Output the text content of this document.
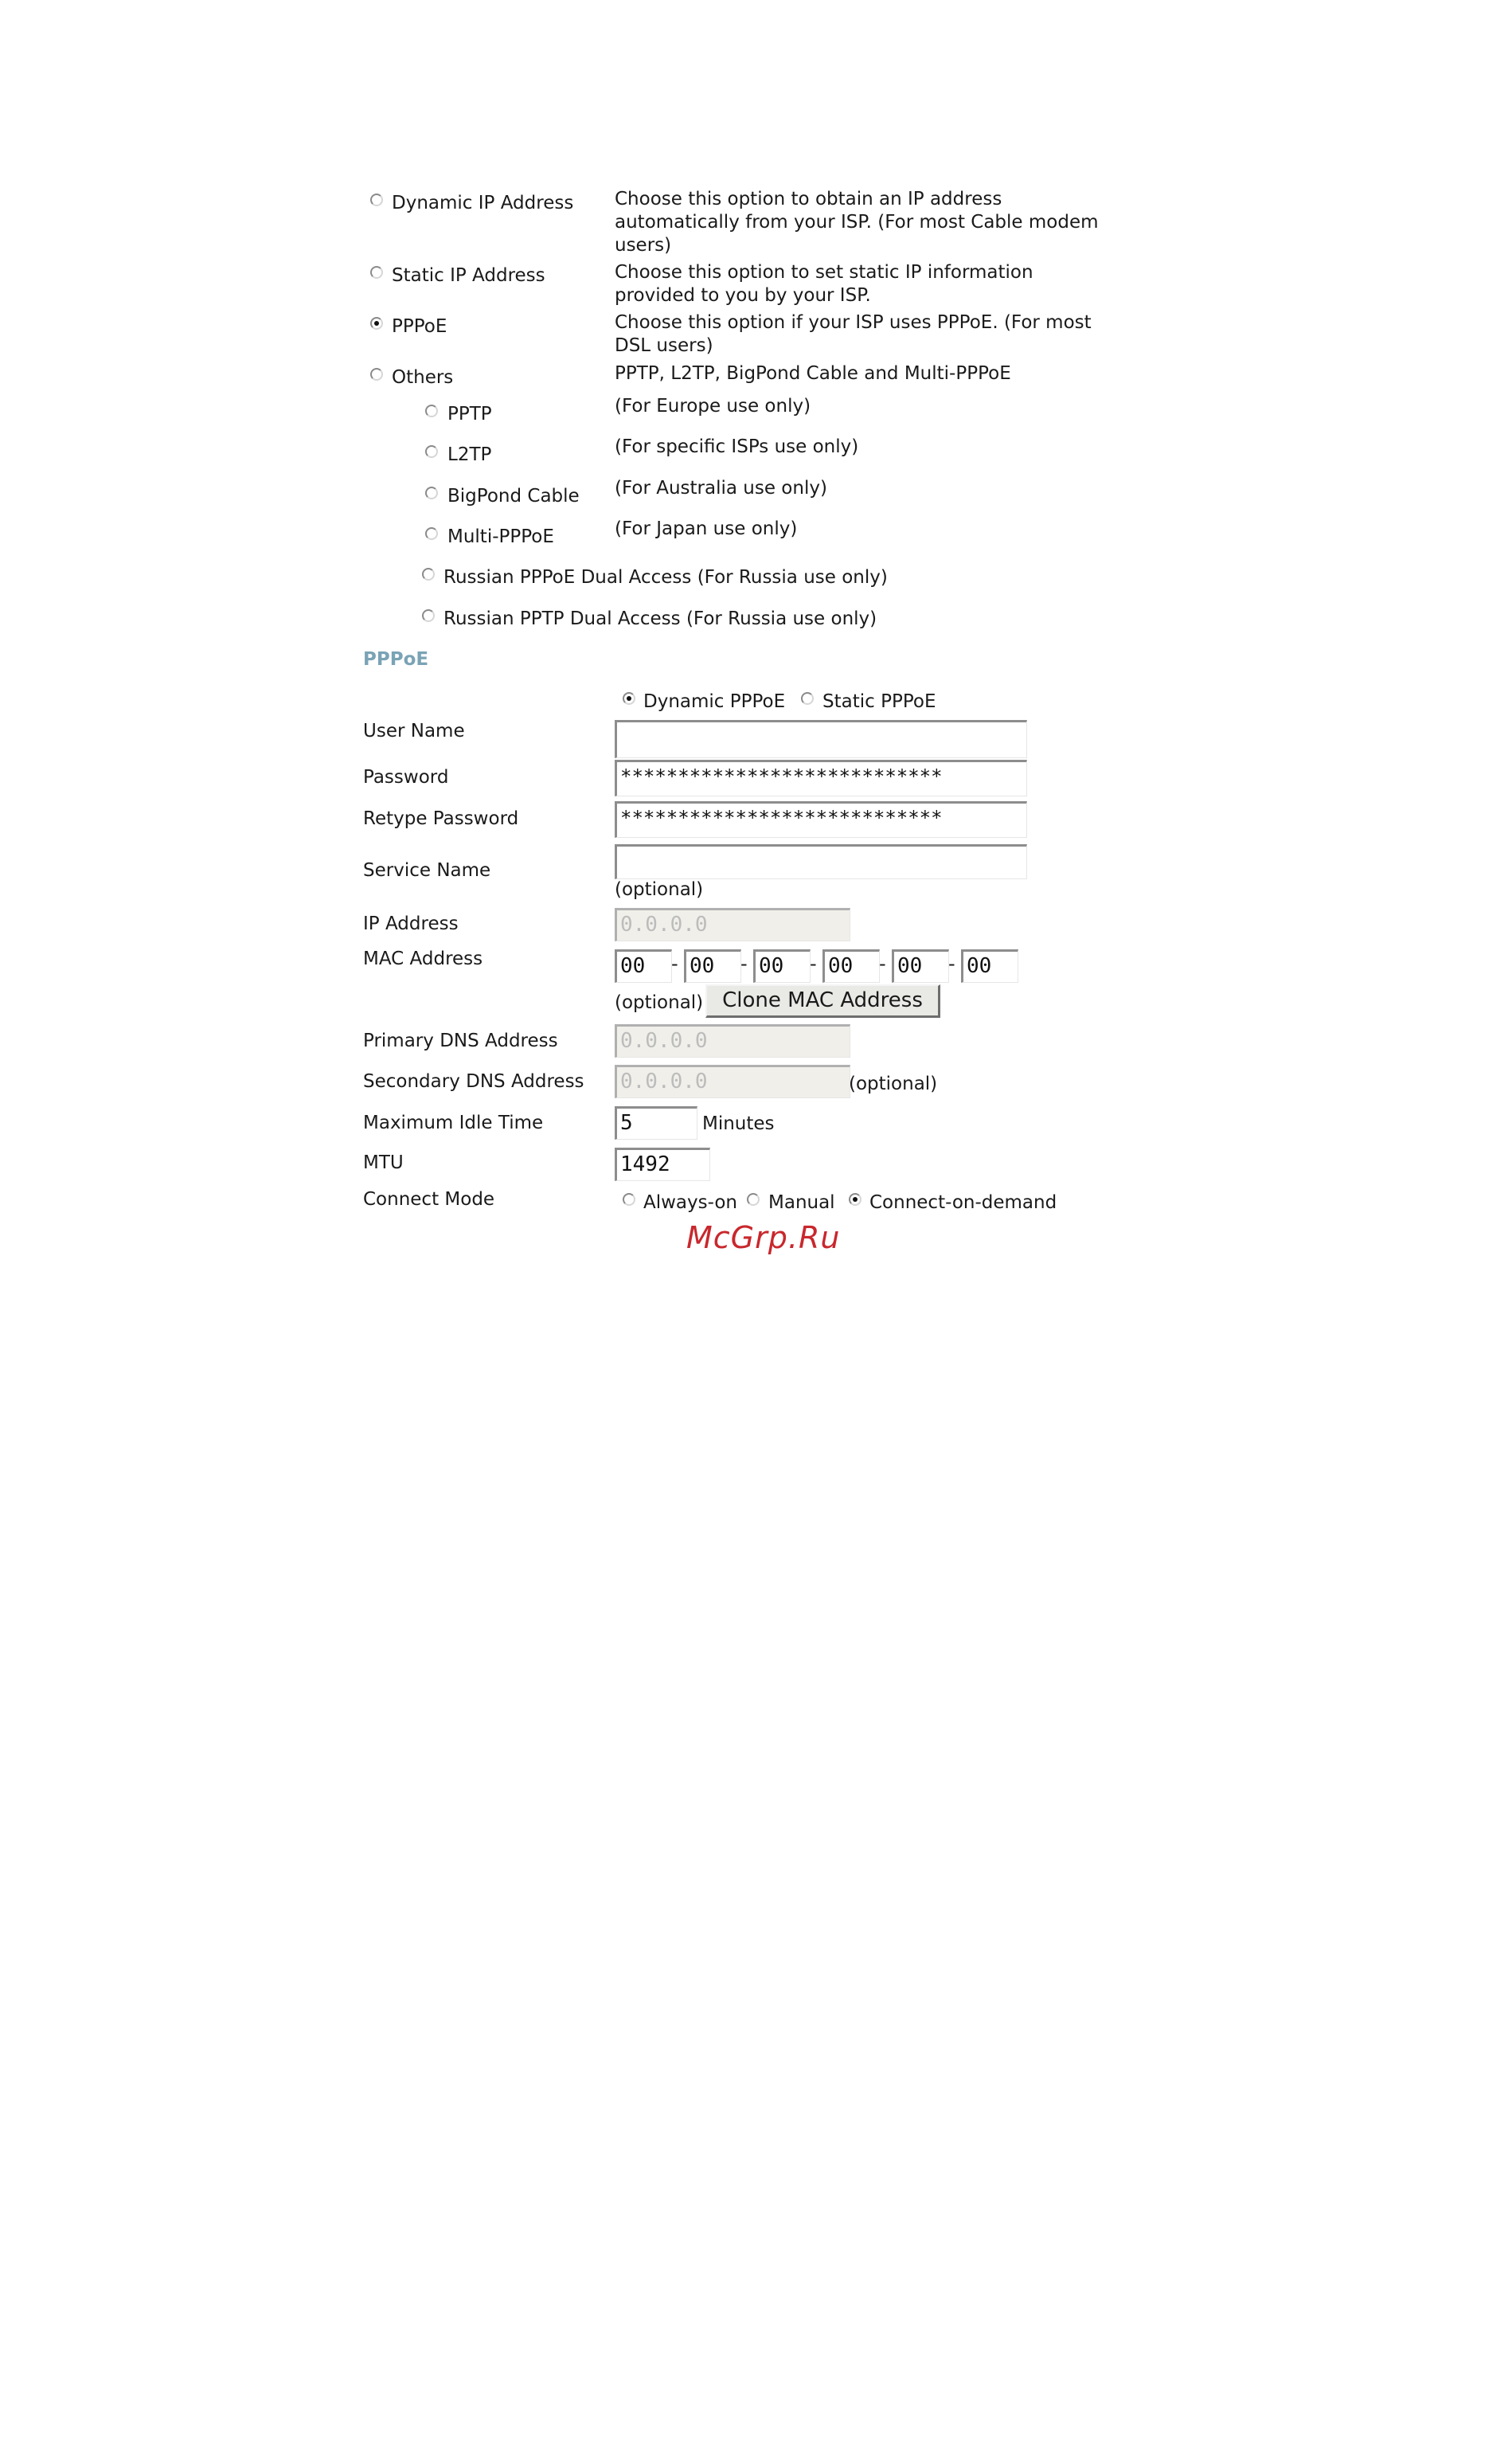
Dynamic IP Address Choose this option to obtain an IP address automatically from your ISP. (For most Cable modem users)
Static IP Address	Choose this option to set static IP information provided to you by your ISP.
PPPoE	Choose this option if your ISP uses PPPoE. (For most DSL users)
Others	PPTP, L2TP, BigPond Cable and Multi-PPPoE
PPTP	(For Europe use only)
L2TP	(For specific ISPs use only)
BigPond Cable (For Australia use only)
Multi-PPPoE	(For Japan use only)
Russian PPPoE Dual Access (For Russia use only)
Russian PPTP Dual Access (For Russia use only)
PPPoE
Dynamic PPPoE Static PPPoE
User Name
Password	****************************
Retype Password	****************************
Service Name
(optional)
IP Address	0.0.0.0
MAC Address	00	- 00	- 00	- 00	- 00	- 00
(optional) Clone MAC Address
Primary DNS Address	0.0.0.0
Secondary DNS Address 0.0.0.0	(optional)
Maximum Idle Time	5	Minutes
MTU	1492
Connect Mode	Always-on Manual Connect-on-demand
McGrp.Ru
